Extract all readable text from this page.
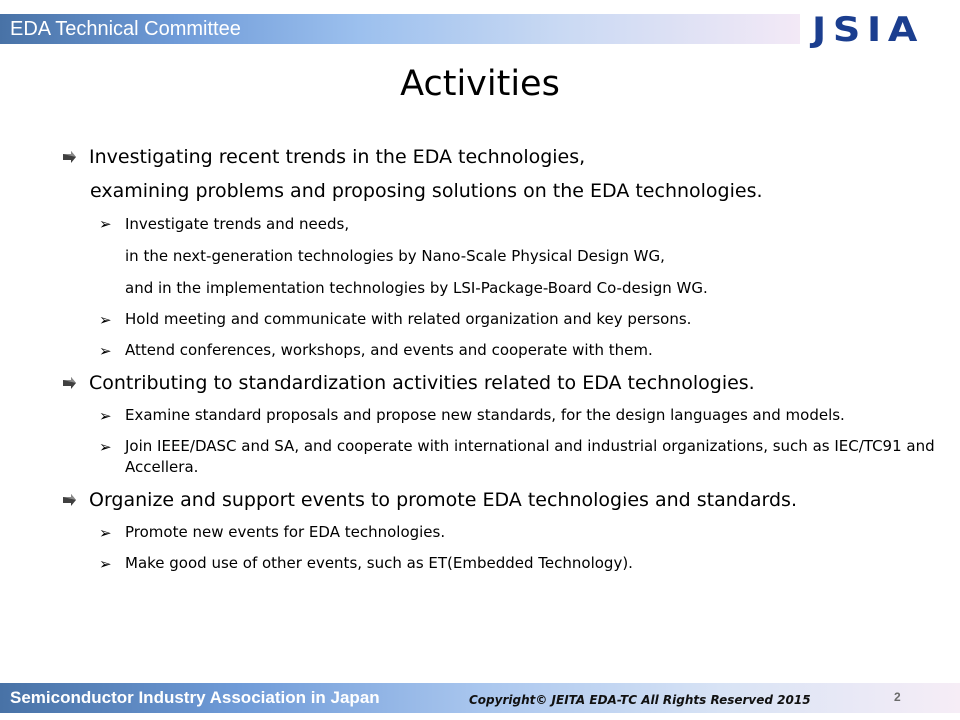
EDA Technical Committee	JSIA
Activities
Investigating recent trends in the EDA technologies,
examining problems and proposing solutions on the EDA technologies.
➢ Investigate trends and needs,
in the next-generation technologies by Nano-Scale Physical Design WG,
and in the implementation technologies by LSI-Package-Board Co-design WG.
➢ Hold meeting and communicate with related organization and key persons.
➢ Attend conferences, workshops, and events and cooperate with them.
Contributing to standardization activities related to EDA technologies.
➢ Examine standard proposals and propose new standards, for the design languages and models.
➢ Join IEEE/DASC and SA, and cooperate with international and industrial organizations, such as IEC/TC91 and Accellera.
Organize and support events to promote EDA technologies and standards.
➢ Promote new events for EDA technologies.
➢ Make good use of other events, such as ET(Embedded Technology).
Semiconductor Industry Association in Japan	Copyright© JEITA EDA-TC All Rights Reserved 2015	2
